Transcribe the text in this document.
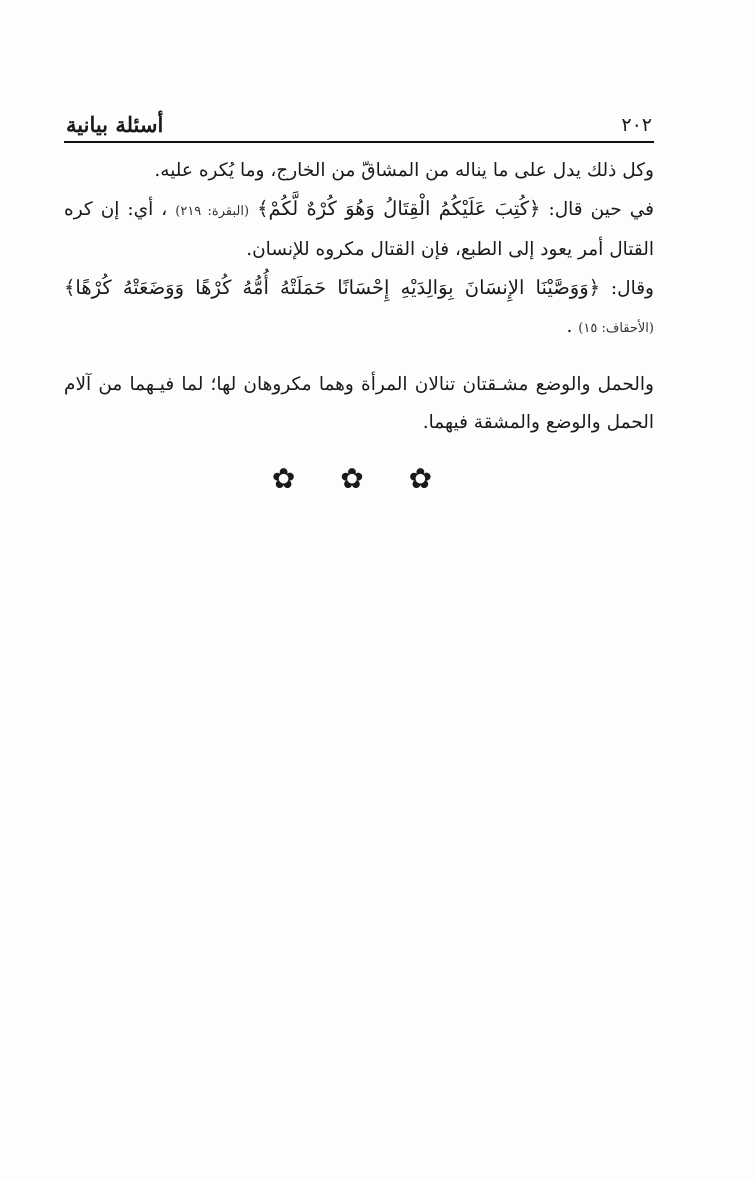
٢٠٢
أسئلة بيانية

وكل ذلك يدل على ما يناله من المشاقّ من الخارج، وما يُكره عليه.

في حين قال: ﴿كُتِبَ عَلَيْكُمُ الْقِتَالُ وَهُوَ كُرْهٌ لَّكُمْ﴾ (البقرة: ٢١٩) ، أي: إن كره القتال أمر يعود إلى الطبع، فإن القتال مكروه للإنسان.

وقال: ﴿وَوَصَّيْنَا الإِنسَانَ بِوَالِدَيْهِ إِحْسَانًا حَمَلَتْهُ أُمُّهُ كُرْهًا وَوَضَعَتْهُ كُرْهًا﴾ (الأحقاف: ١٥) .

والحمل والوضع مشـقتان تنالان المرأة وهما مكروهان لها؛ لما فيـهما من آلام الحمل والوضع والمشقة فيهما.

✿ ✿ ✿
